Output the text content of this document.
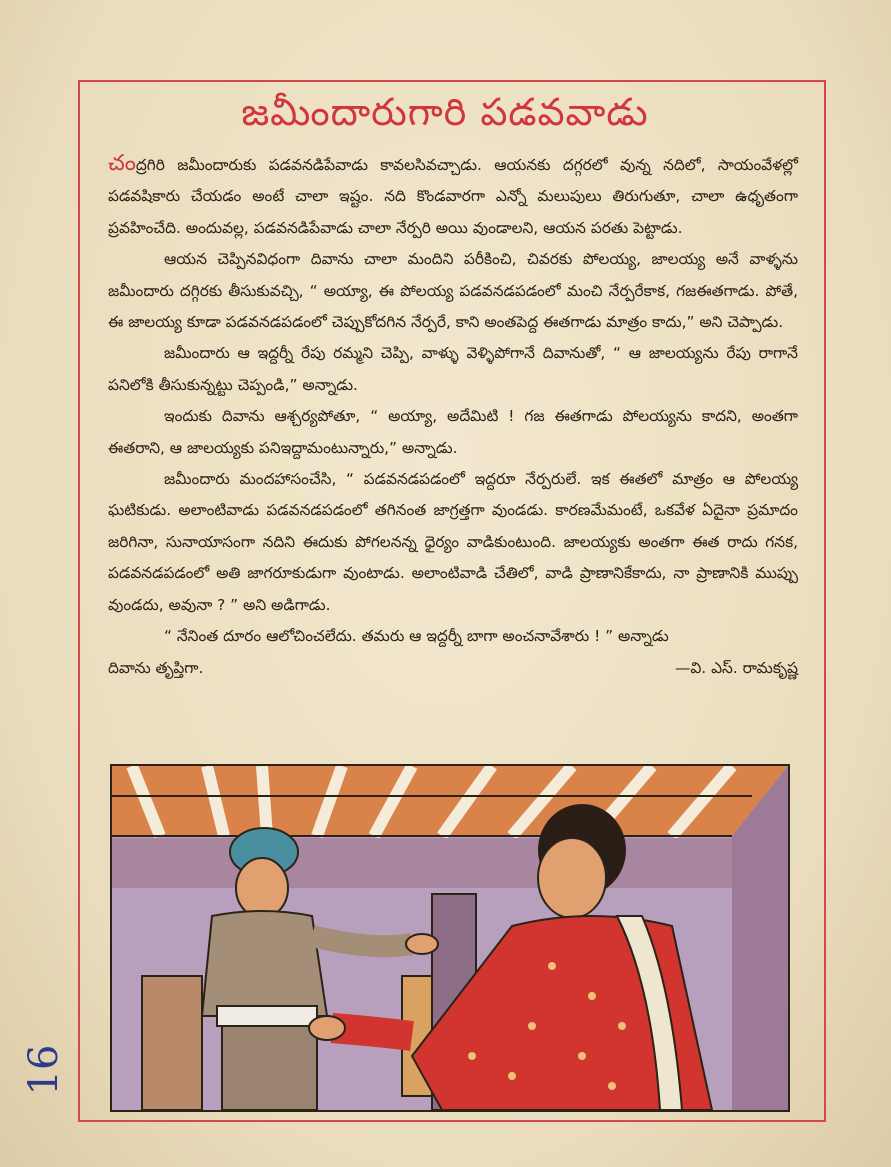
జమీందారుగారి పడవవాడు

చంద్రగిరి జమీందారుకు పడవనడిపేవాడు కావలసివచ్చాడు. ఆయనకు దగ్గరలో వున్న నదిలో, సాయంవేళల్లో పడవషికారు చేయడం అంటే చాలా ఇష్టం. నది కొండవారగా ఎన్నో మలుపులు తిరుగుతూ, చాలా ఉధృతంగా ప్రవహించేది. అందువల్ల, పడవనడిపేవాడు చాలా నేర్పరి అయి వుండాలని, ఆయన పరతు పెట్టాడు.

ఆయన చెప్పినవిధంగా దివాను చాలా మందిని పరీకించి, చివరకు పోలయ్య, జాలయ్య అనే వాళ్ళను జమీందారు దగ్గిరకు తీసుకువచ్చి, “ అయ్యా, ఈ పోలయ్య పడవనడపడంలో మంచి నేర్పరేకాక, గజఈతగాడు. పోతే, ఈ జాలయ్య కూడా పడవనడపడంలో చెప్పుకోదగిన నేర్పరే, కాని అంతపెద్ద ఈతగాడు మాత్రం కాదు,” అని చెప్పాడు.

జమీందారు ఆ ఇద్దర్నీ రేపు రమ్మని చెప్పి, వాళ్ళు వెళ్ళిపోగానే దివానుతో, “ ఆ జాలయ్యను రేపు రాగానే పనిలోకి తీసుకున్నట్టు చెప్పండి,” అన్నాడు.

ఇందుకు దివాను ఆశ్చర్యపోతూ, “ అయ్యా, అదేమిటి ! గజ ఈతగాడు పోలయ్యను కాదని, అంతగా ఈతరాని, ఆ జాలయ్యకు పనిఇద్దామంటున్నారు,” అన్నాడు.

జమీందారు మందహాసంచేసి, “ పడవనడపడంలో ఇద్దరూ నేర్పరులే. ఇక ఈతలో మాత్రం ఆ పోలయ్య ఘటికుడు. అలాంటివాడు పడవనడపడంలో తగినంత జాగ్రత్తగా వుండడు. కారణమేమంటే, ఒకవేళ ఏదైనా ప్రమాదం జరిగినా, సునాయాసంగా నదిని ఈదుకు పోగలనన్న ధైర్యం వాడికుంటుంది. జాలయ్యకు అంతగా ఈత రాదు గనక, పడవనడపడంలో అతి జాగరూకుడుగా వుంటాడు. అలాంటివాడి చేతిలో, వాడి ప్రాణానికేకాదు, నా ప్రాణానికి ముప్పు వుండదు, అవునా ? ” అని అడిగాడు.

“ నేనింత దూరం ఆలోచించలేదు. తమరు ఆ ఇద్దర్నీ బాగా అంచనావేశారు ! ” అన్నాడు

దివాను తృప్తిగా.	—వి. ఎస్. రామకృష్ణ
16
